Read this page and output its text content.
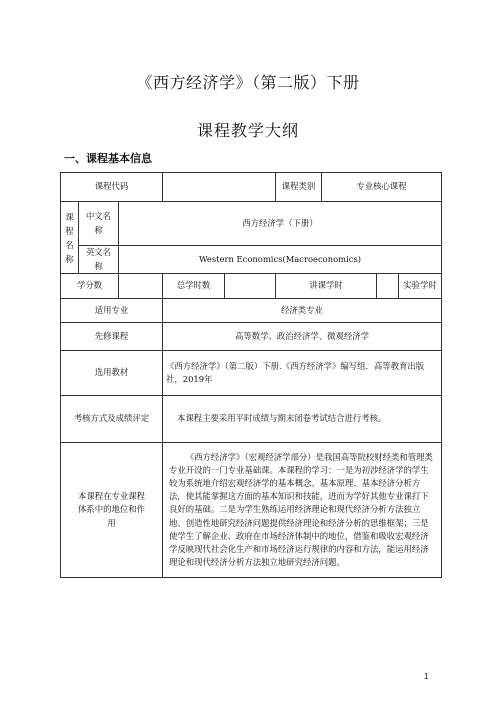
《西方经济学》（第二版）下册
课程教学大纲
一、课程基本信息
课程代码					课程类别	专业核心课程		
课程名称	中文名称	西方经济学（下册）						
	英文名称	Western Economics(Macroeconomics)						
学分数			总学时数		讲课学时			实验学时
适用专业			经济类专业					
先修课程			高等数学、政治经济学、微观经济学					
选用教材			《西方经济学》（第二版）下册.《西方经济学》编写组．高等教育出版社，2019年					
考核方式及成绩评定			本课程主要采用平时成绩与期末闭卷考试结合进行考核。					
本课程在专业课程体系中的地位和作用			《西方经济学》（宏观经济学部分）是我国高等院校财经类和管理类专业开设的一门专业基础课。本课程的学习：一是为初涉经济学的学生较为系统地介绍宏观经济学的基本概念、基本原理、基本经济分析方法，使其能掌握这方面的基本知识和技能，进而为学好其他专业课打下良好的基础。二是为学生熟练运用经济理论和现代经济分析方法独立地、创造性地研究经济问题提供经济理论和经济分析的思维框架；三是使学生了解企业、政府在市场经济体制中的地位，借鉴和吸收宏观经济学反映现代社会化生产和市场经济运行规律的内容和方法，能运用经济理论和现代经济分析方法独立地研究经济问题。					
1
